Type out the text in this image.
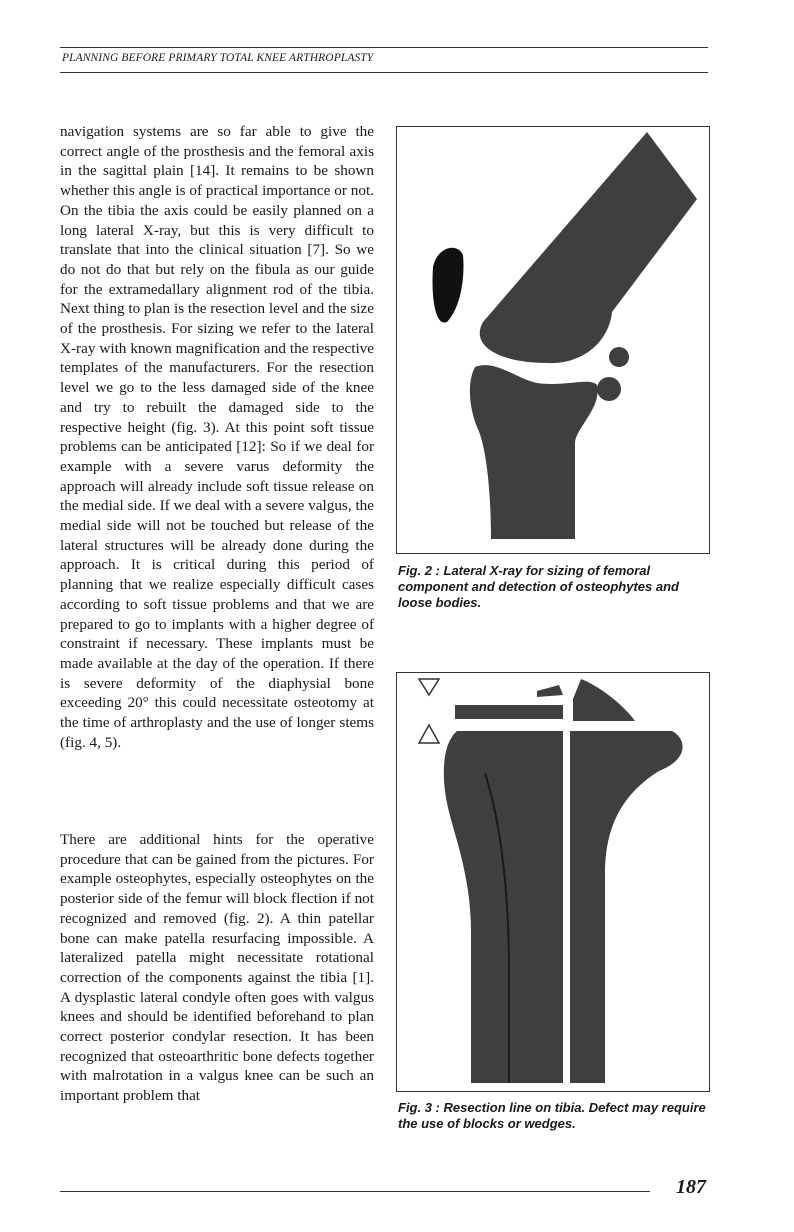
PLANNING BEFORE PRIMARY TOTAL KNEE ARTHROPLASTY

navigation systems are so far able to give the correct angle of the prosthesis and the femoral axis in the sagittal plain [14]. It remains to be shown whether this angle is of practical importance or not. On the tibia the axis could be easily planned on a long lateral X-ray, but this is very difficult to translate that into the clinical situation [7]. So we do not do that but rely on the fibula as our guide for the extramedallary alignment rod of the tibia. Next thing to plan is the resection level and the size of the prosthesis. For sizing we refer to the lateral X-ray with known magnification and the respective templates of the manufacturers. For the resection level we go to the less damaged side of the knee and try to rebuilt the damaged side to the respective height (fig. 3). At this point soft tissue problems can be anticipated [12]: So if we deal for example with a severe varus deformity the approach will already include soft tissue release on the medial side. If we deal with a severe valgus, the medial side will not be touched but release of the lateral structures will be already done during the approach. It is critical during this period of planning that we realize especially difficult cases according to soft tissue problems and that we are prepared to go to implants with a higher degree of constraint if necessary. These implants must be made available at the day of the operation. If there is severe deformity of the diaphysial bone exceeding 20° this could necessitate osteotomy at the time of arthroplasty and the use of longer stems (fig. 4, 5).

There are additional hints for the operative procedure that can be gained from the pictures. For example osteophytes, especially osteophytes on the posterior side of the femur will block flection if not recognized and removed (fig. 2). A thin patellar bone can make patella resurfacing impossible. A lateralized patella might necessitate rotational correction of the components against the tibia [1]. A dysplastic lateral condyle often goes with valgus knees and should be identified beforehand to plan correct posterior condylar resection. It has been recognized that osteoarthritic bone defects together with malrotation in a valgus knee can be such an important problem that

Fig. 2 : Lateral X-ray for sizing of femoral component and detection of osteophytes and loose bodies.
Fig. 3 : Resection line on tibia. Defect may require the use of blocks or wedges.
187
